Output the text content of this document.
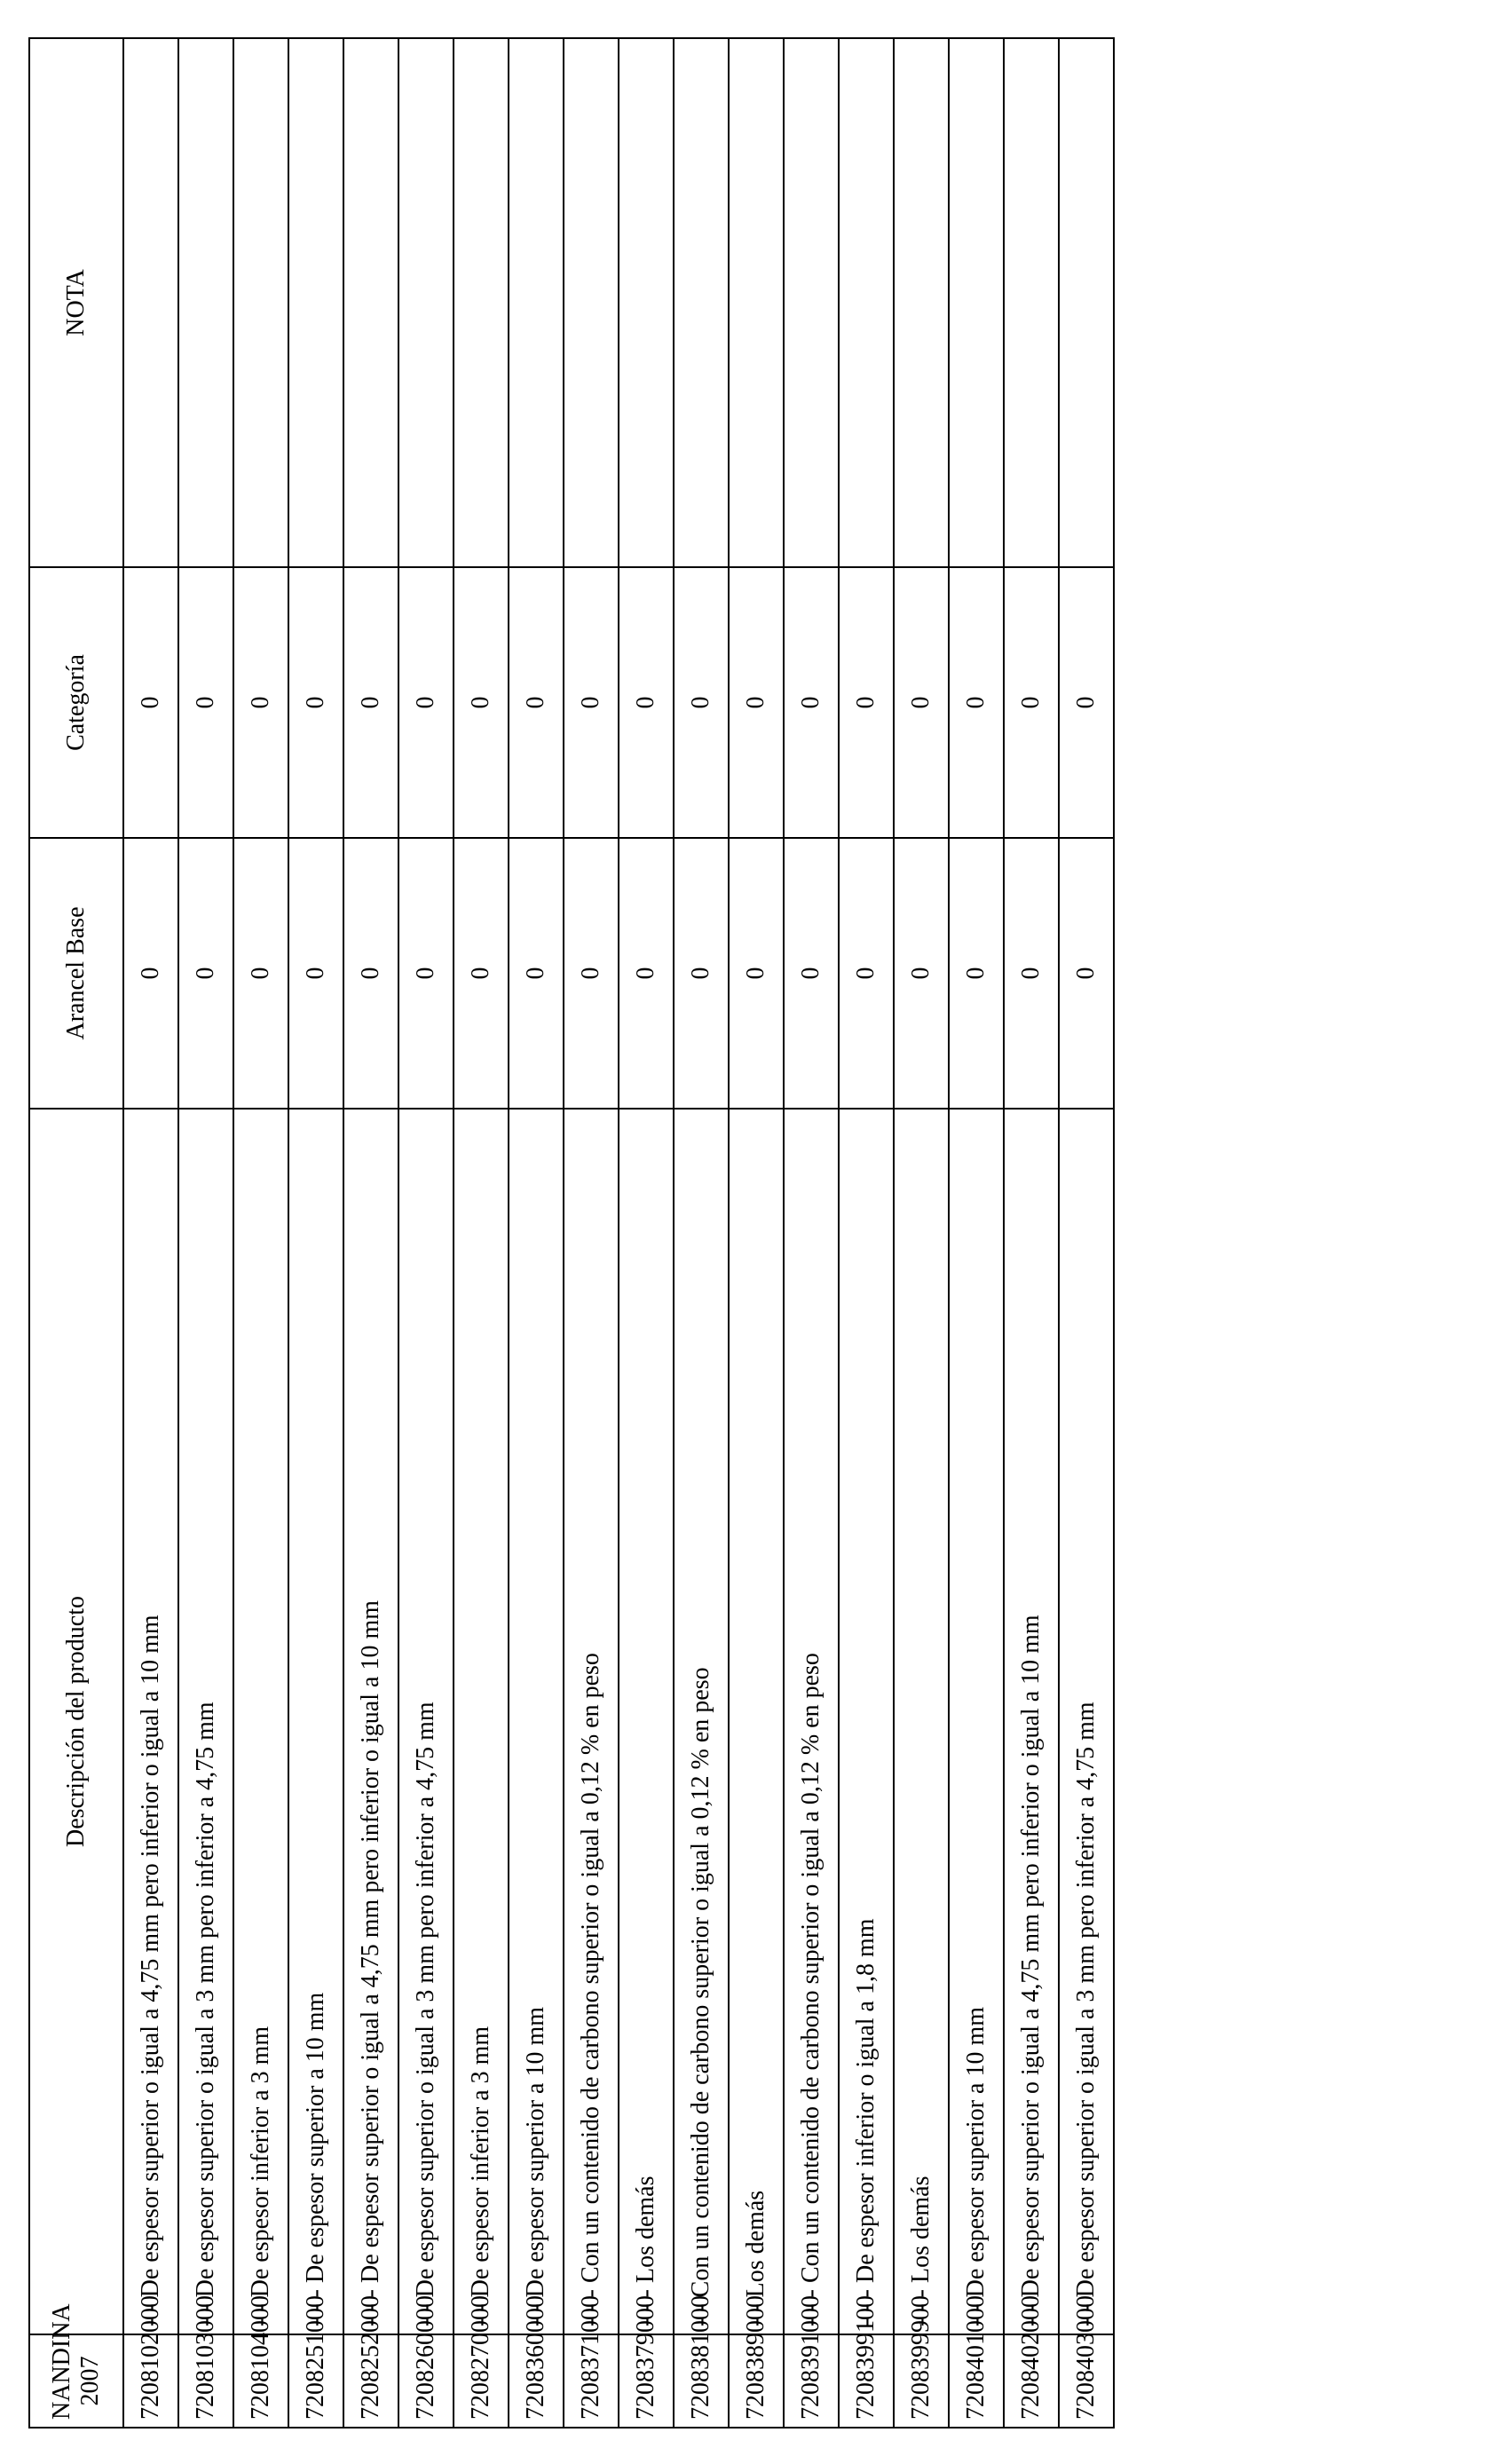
NANDINA 2007	Descripción del producto	Arancel Base	Categoría	NOTA
7208102000	- - De espesor superior o igual a 4,75 mm pero inferior o igual a 10 mm	0	0	
7208103000	- - De espesor superior o igual a 3 mm pero inferior a 4,75 mm	0	0	
7208104000	- - De espesor inferior a 3 mm	0	0	
7208251000	- - - De espesor superior a 10 mm	0	0	
7208252000	- - - De espesor superior o igual a 4,75 mm pero inferior o igual a 10 mm	0	0	
7208260000	- - De espesor superior o igual a 3 mm pero inferior a 4,75 mm	0	0	
7208270000	- - De espesor inferior a 3 mm	0	0	
7208360000	- - De espesor superior a 10 mm	0	0	
7208371000	- - - Con un contenido de carbono superior o igual a 0,12 % en peso	0	0	
7208379000	- - - Los demás	0	0	
7208381000	- - Con un contenido de carbono superior o igual a 0,12 % en peso	0	0	
7208389000	- - Los demás	0	0	
7208391000	- - - Con un contenido de carbono superior o igual a 0,12 % en peso	0	0	
7208399100	- - - De espesor inferior o igual a 1,8 mm	0	0	
7208399900	- - - Los demás	0	0	
7208401000	- - De espesor superior a 10 mm	0	0	
7208402000	- - De espesor superior o igual a 4,75 mm pero inferior o igual a 10 mm	0	0	
7208403000	- - De espesor superior o igual a 3 mm pero inferior a 4,75 mm	0	0	
